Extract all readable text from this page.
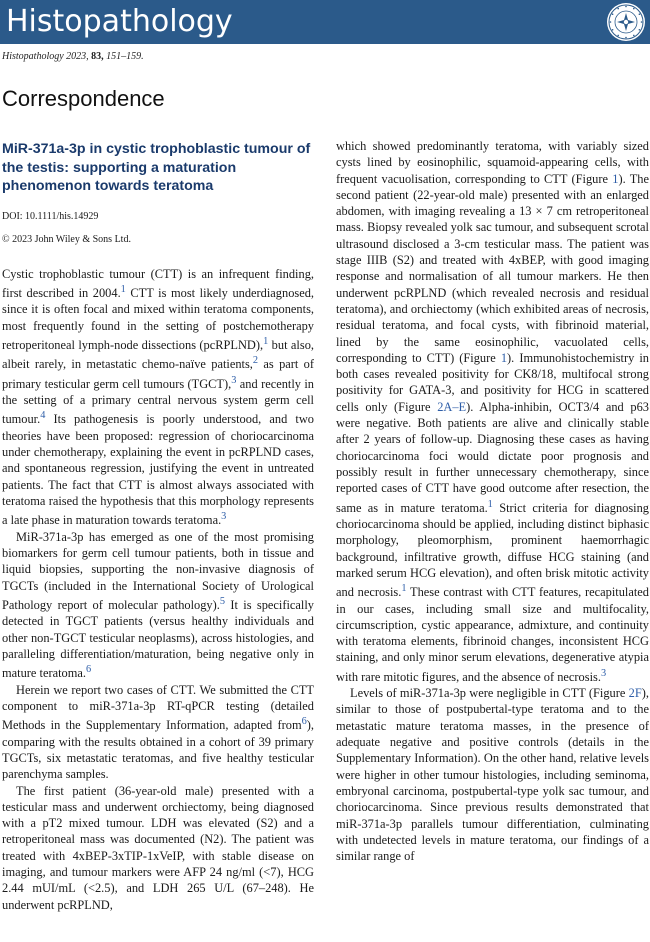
Histopathology
Histopathology 2023, 83, 151–159.
Correspondence
MiR-371a-3p in cystic trophoblastic tumour of the testis: supporting a maturation phenomenon towards teratoma
DOI: 10.1111/his.14929
© 2023 John Wiley & Sons Ltd.

Cystic trophoblastic tumour (CTT) is an infrequent finding, first described in 2004.$^1$ CTT is most likely underdiagnosed, since it is often focal and mixed within teratoma components, most frequently found in the setting of postchemotherapy retroperitoneal lymph-node dissections (pcRPLND),$^1$ but also, albeit rarely, in metastatic chemo-naïve patients,$^2$ as part of primary testicular germ cell tumours (TGCT),$^3$ and recently in the setting of a primary central nervous system germ cell tumour.$^4$ Its pathogenesis is poorly understood, and two theories have been proposed: regression of choriocarcinoma under chemotherapy, explaining the event in pcRPLND cases, and spontaneous regression, justifying the event in untreated patients. The fact that CTT is almost always associated with teratoma raised the hypothesis that this morphology represents a late phase in maturation towards teratoma.$^3$

MiR-371a-3p has emerged as one of the most promising biomarkers for germ cell tumour patients, both in tissue and liquid biopsies, supporting the non-invasive diagnosis of TGCTs (included in the International Society of Urological Pathology report of molecular pathology).$^5$ It is specifically detected in TGCT patients (versus healthy individuals and other non-TGCT testicular neoplasms), across histologies, and paralleling differentiation/maturation, being negative only in mature teratoma.$^6$

Herein we report two cases of CTT. We submitted the CTT component to miR-371a-3p RT-qPCR testing (detailed Methods in the Supplementary Information, adapted from$^6$), comparing with the results obtained in a cohort of 39 primary TGCTs, six metastatic teratomas, and five healthy testicular parenchyma samples.

The first patient (36-year-old male) presented with a testicular mass and underwent orchiectomy, being diagnosed with a pT2 mixed tumour. LDH was elevated (S2) and a retroperitoneal mass was documented (N2). The patient was treated with 4xBEP-3xTIP-1xVeIP, with stable disease on imaging, and tumour markers were AFP 24 ng/ml (<7), HCG 2.44 mUI/mL (<2.5), and LDH 265 U/L (67–248). He underwent pcRPLND,

which showed predominantly teratoma, with variably sized cysts lined by eosinophilic, squamoid-appearing cells, with frequent vacuolisation, corresponding to CTT (Figure 1). The second patient (22-year-old male) presented with an enlarged abdomen, with imaging revealing a 13 × 7 cm retroperitoneal mass. Biopsy revealed yolk sac tumour, and subsequent scrotal ultrasound disclosed a 3-cm testicular mass. The patient was stage IIIB (S2) and treated with 4xBEP, with good imaging response and normalisation of all tumour markers. He then underwent pcRPLND (which revealed necrosis and residual teratoma), and orchiectomy (which exhibited areas of necrosis, residual teratoma, and focal cysts, with fibrinoid material, lined by the same eosinophilic, vacuolated cells, corresponding to CTT) (Figure 1). Immunohistochemistry in both cases revealed positivity for CK8/18, multifocal strong positivity for GATA-3, and positivity for HCG in scattered cells only (Figure 2A–E). Alpha-inhibin, OCT3/4 and p63 were negative. Both patients are alive and clinically stable after 2 years of follow-up. Diagnosing these cases as having choriocarcinoma foci would dictate poor prognosis and possibly result in further unnecessary chemotherapy, since reported cases of CTT have good outcome after resection, the same as in mature teratoma.$^1$ Strict criteria for diagnosing choriocarcinoma should be applied, including distinct biphasic morphology, pleomorphism, prominent haemorrhagic background, infiltrative growth, diffuse HCG staining (and marked serum HCG elevation), and often brisk mitotic activity and necrosis.$^1$ These contrast with CTT features, recapitulated in our cases, including small size and multifocality, circumscription, cystic appearance, admixture, and continuity with teratoma elements, fibrinoid changes, inconsistent HCG staining, and only minor serum elevations, degenerative atypia with rare mitotic figures, and the absence of necrosis.$^3$

Levels of miR-371a-3p were negligible in CTT (Figure 2F), similar to those of postpubertal-type teratoma and to the metastatic mature teratoma masses, in the presence of adequate negative and positive controls (details in the Supplementary Information). On the other hand, relative levels were higher in other tumour histologies, including seminoma, embryonal carcinoma, postpubertal-type yolk sac tumour, and choriocarcinoma. Since previous results demonstrated that miR-371a-3p parallels tumour differentiation, culminating with undetected levels in mature teratoma, our findings of a similar range of
